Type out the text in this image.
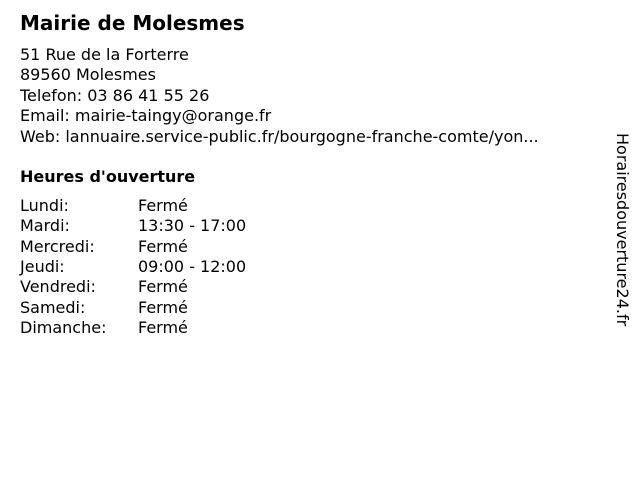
Mairie de Molesmes
51 Rue de la Forterre
89560 Molesmes
Telefon: 03 86 41 55 26
Email: mairie-taingy@orange.fr
Web: lannuaire.service-public.fr/bourgogne-franche-comte/yon...
Heures d'ouverture
Lundi:	Fermé
Mardi:	13:30 - 17:00
Mercredi:	Fermé
Jeudi:	09:00 - 12:00
Vendredi:	Fermé
Samedi:	Fermé
Dimanche: Fermé
Horairesdouverture24.fr
